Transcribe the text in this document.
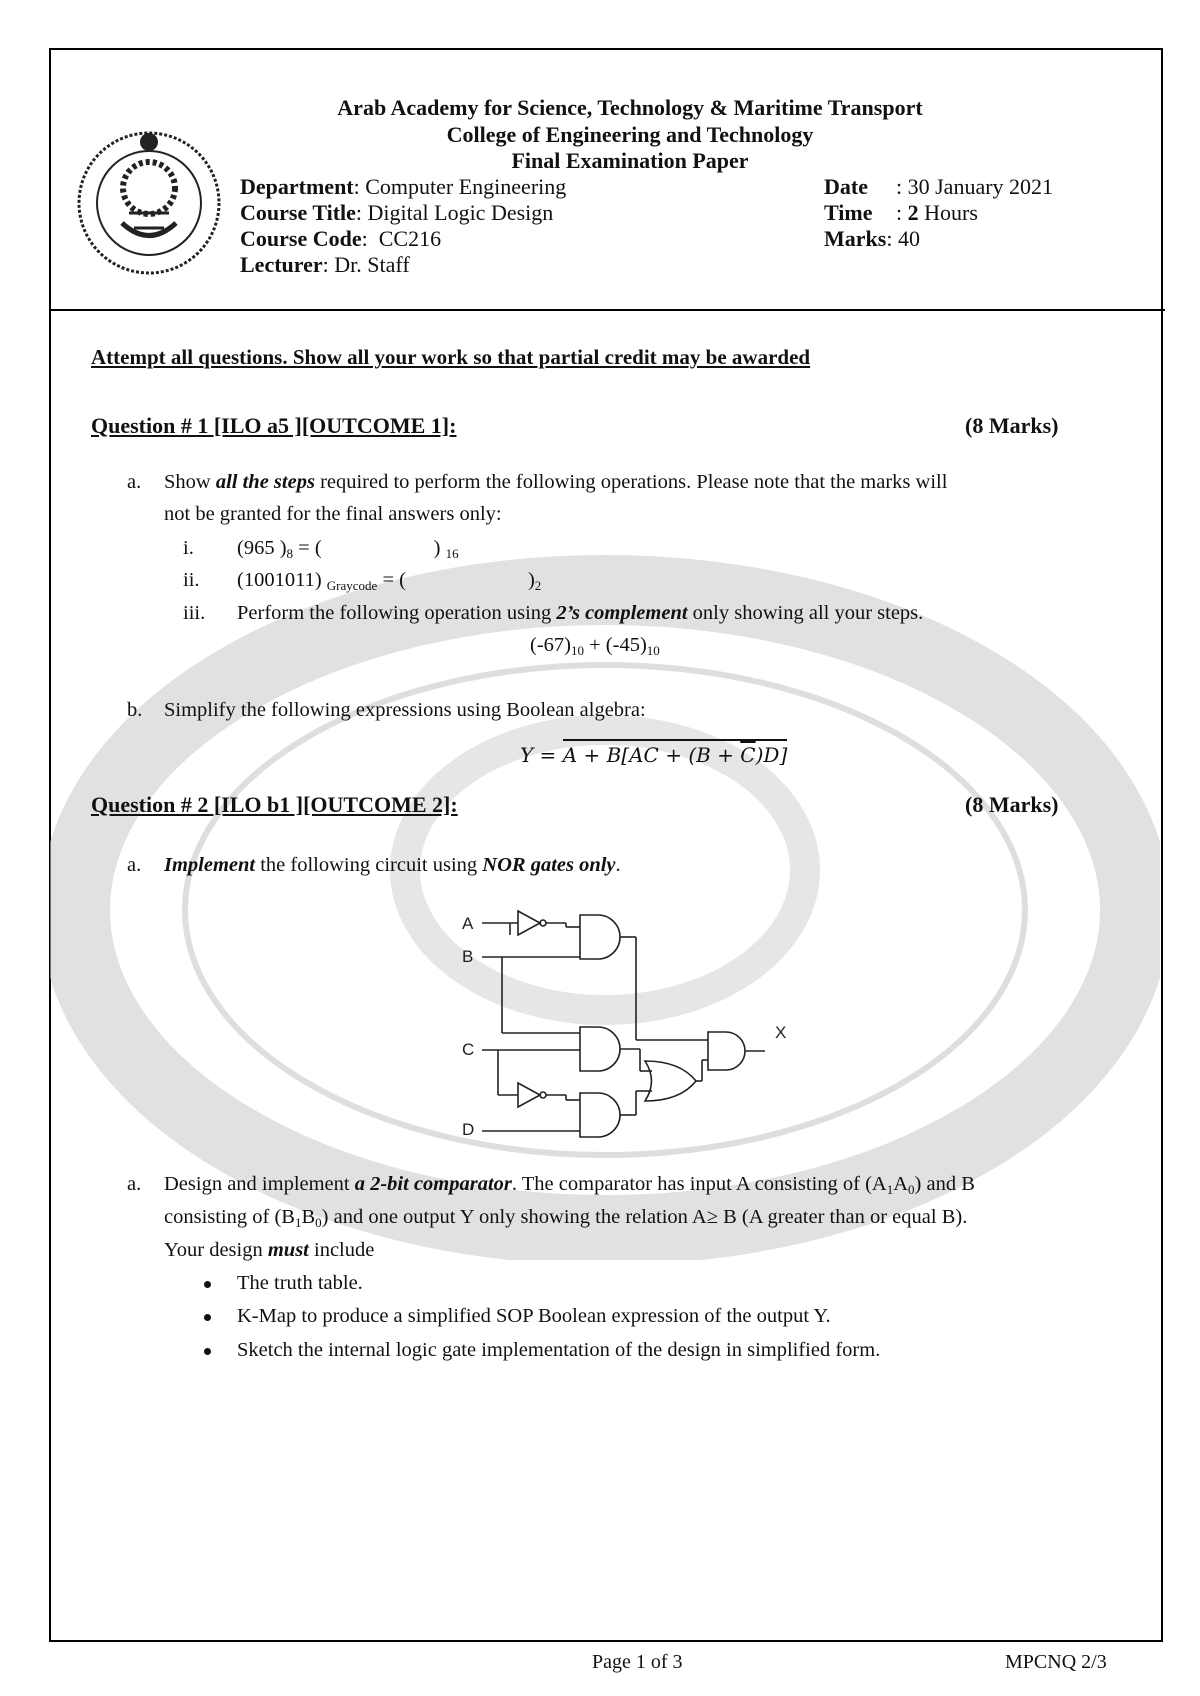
Arab Academy for Science, Technology & Maritime Transport
College of Engineering and Technology
Final Examination Paper
Department: Computer Engineering
Course Title: Digital Logic Design
Course Code:  CC216
Lecturer: Dr. Staff
Date : 30 January 2021
Time : 2 Hours
Marks: 40
Attempt all questions. Show all your work so that partial credit may be awarded
Question # 1 [ILO a5 ][OUTCOME 1]:	(8 Marks)
a. Show all the steps required to perform the following operations. Please note that the marks will
not be granted for the final answers only:
i. (965 )$_8$ = (	) $_{16}$
ii. (1001011) $_{Graycode}$ = (	)$_2$
iii. Perform the following operation using 2’s complement only showing all your steps.
$(-67)_{10} + (-45)_{10}$
b. Simplify the following expressions using Boolean algebra:
$Y = A + B[AC + (B + \overline{C})D]$
Question # 2 [ILO b1 ][OUTCOME 2]:	(8 Marks)
a. Implement the following circuit using NOR gates only.
A
B
C
D
X
a. Design and implement a 2-bit comparator. The comparator has input A consisting of $(A_1A_0)$ and B
consisting of $(B_1B_0)$ and one output Y only showing the relation A≥ B (A greater than or equal B).
Your design must include
The truth table.
K-Map to produce a simplified SOP Boolean expression of the output Y.
Sketch the internal logic gate implementation of the design in simplified form.
Page 1 of 3	MPCNQ 2/3
